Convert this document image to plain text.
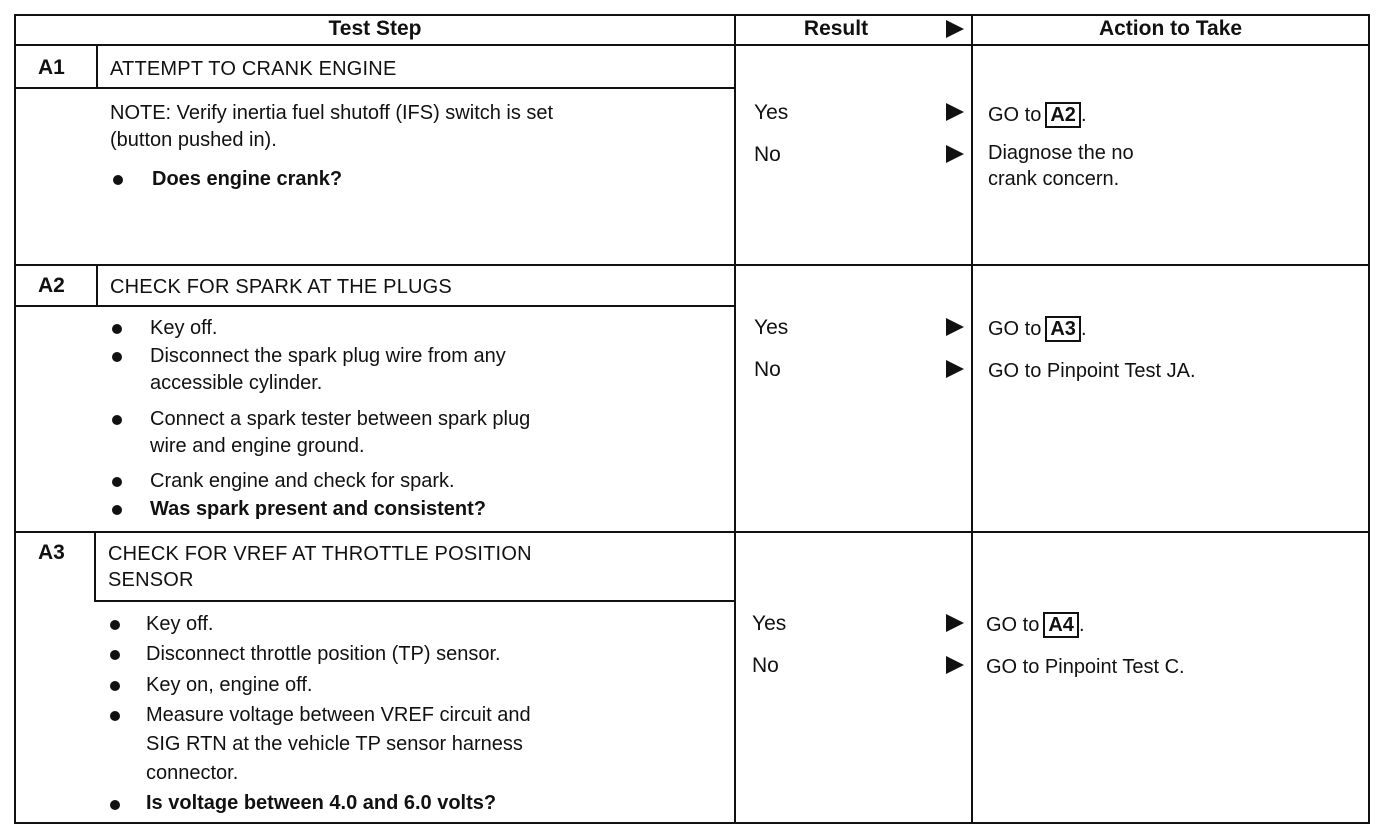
Test Step	Result	Action to Take
A1 ATTEMPT TO CRANK ENGINE
NOTE: Verify inertia fuel shutoff (IFS) switch is set
(button pushed in).
Does engine crank?
Yes
No
GO to A2 .
Diagnose the no
crank concern.
A2 CHECK FOR SPARK AT THE PLUGS
Key off.
Disconnect the spark plug wire from any
accessible cylinder.
Connect a spark tester between spark plug
wire and engine ground.
Crank engine and check for spark.
Was spark present and consistent?
Yes
No
GO to A3 .
GO to Pinpoint Test JA.
A3 CHECK FOR VREF AT THROTTLE POSITION
SENSOR
Key off.
Disconnect throttle position (TP) sensor.
Key on, engine off.
Measure voltage between VREF circuit and
SIG RTN at the vehicle TP sensor harness
connector.
Is voltage between 4.0 and 6.0 volts?
Yes
No
GO to A4 .
GO to Pinpoint Test C.
